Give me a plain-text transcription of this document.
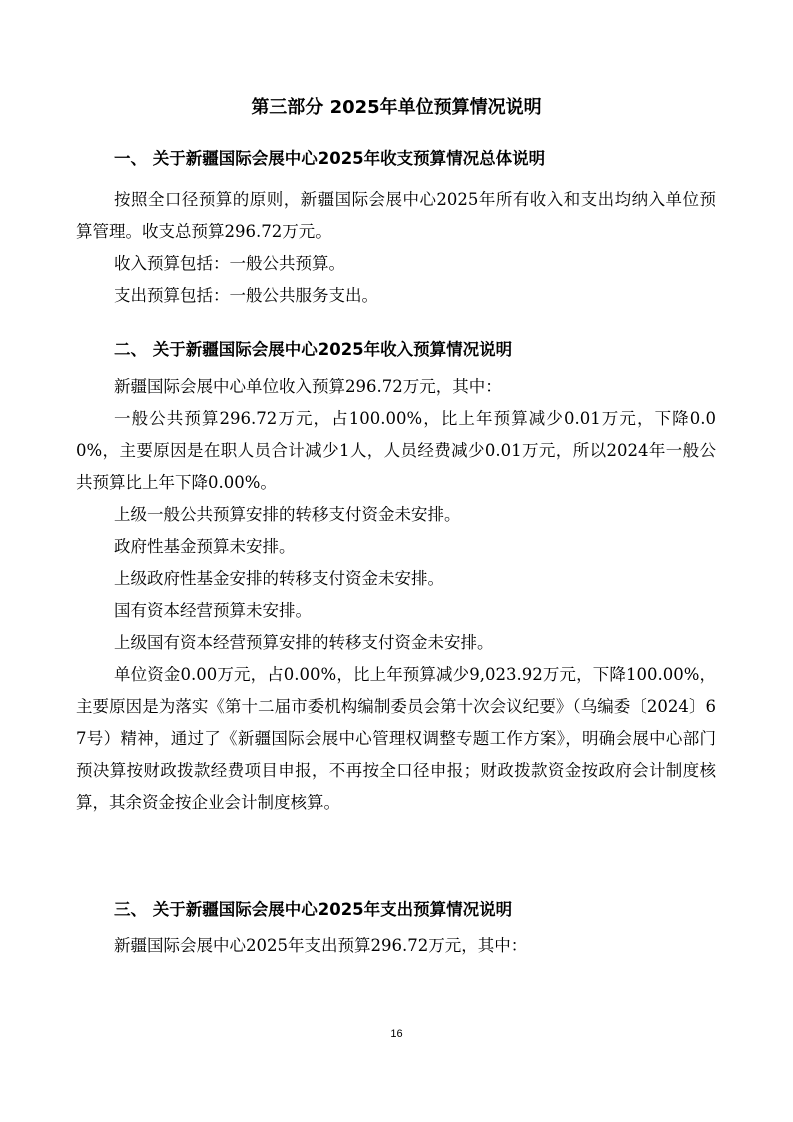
第三部分 2025年单位预算情况说明
一、 关于新疆国际会展中心2025年收支预算情况总体说明
按照全口径预算的原则，新疆国际会展中心2025年所有收入和支出均纳入单位预算管理。收支总预算296.72万元。
收入预算包括：一般公共预算。
支出预算包括：一般公共服务支出。
二、 关于新疆国际会展中心2025年收入预算情况说明
新疆国际会展中心单位收入预算296.72万元，其中：
一般公共预算296.72万元，占100.00%，比上年预算减少0.01万元，下降0.00%，主要原因是在职人员合计减少1人，人员经费减少0.01万元，所以2024年一般公共预算比上年下降0.00%。
上级一般公共预算安排的转移支付资金未安排。
政府性基金预算未安排。
上级政府性基金安排的转移支付资金未安排。
国有资本经营预算未安排。
上级国有资本经营预算安排的转移支付资金未安排。
单位资金0.00万元，占0.00%，比上年预算减少9,023.92万元，下降100.00%，主要原因是为落实《第十二届市委机构编制委员会第十次会议纪要》（乌编委〔2024〕67号）精神，通过了《新疆国际会展中心管理权调整专题工作方案》，明确会展中心部门预决算按财政拨款经费项目申报，不再按全口径申报；财政拨款资金按政府会计制度核算，其余资金按企业会计制度核算。
三、 关于新疆国际会展中心2025年支出预算情况说明
新疆国际会展中心2025年支出预算296.72万元，其中：
16
